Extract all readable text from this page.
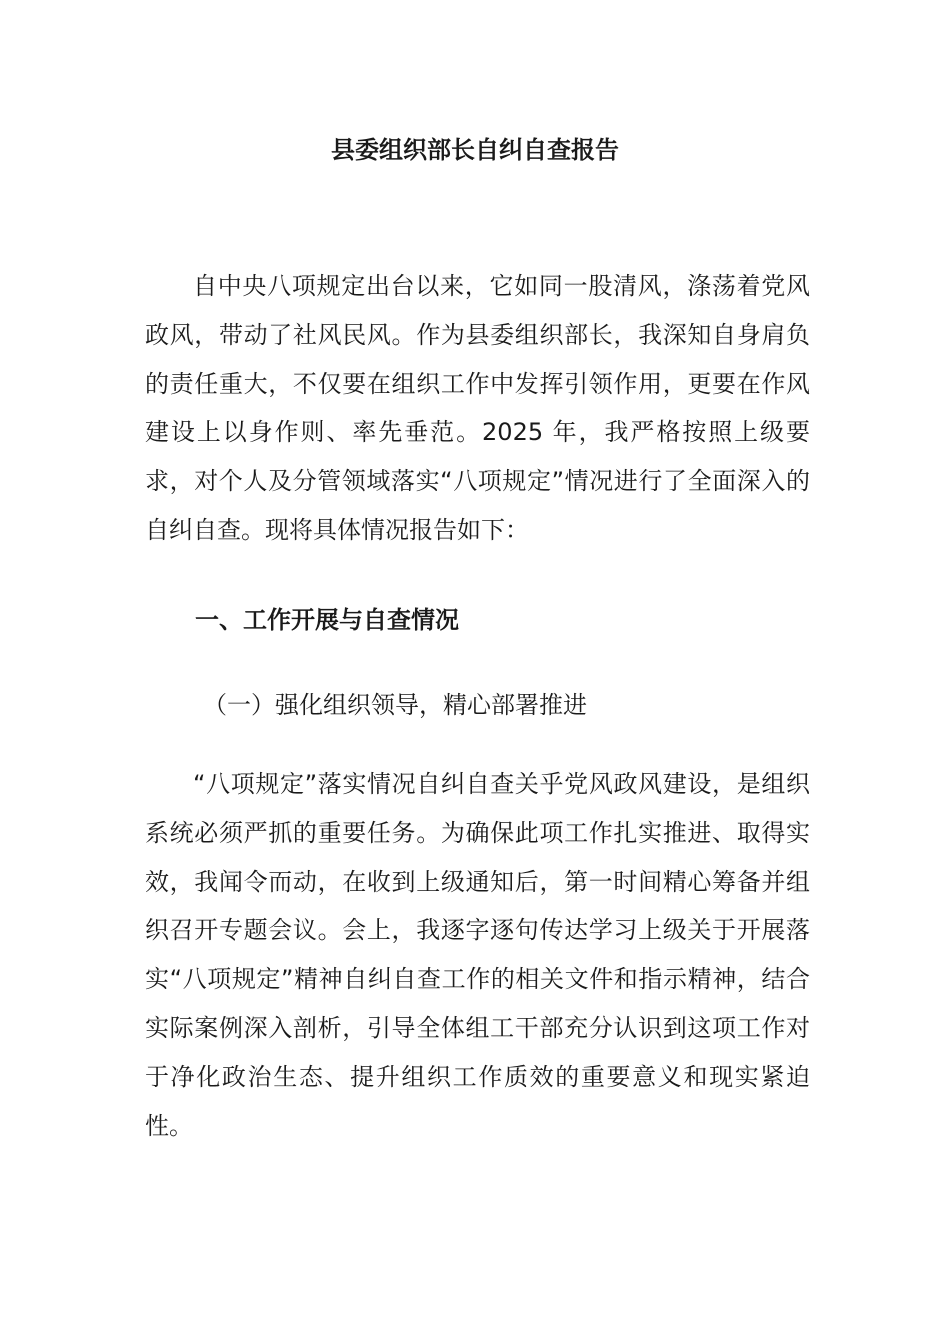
县委组织部长自纠自查报告

自中央八项规定出台以来，它如同一股清风，涤荡着党风政风，带动了社风民风。作为县委组织部长，我深知自身肩负的责任重大，不仅要在组织工作中发挥引领作用，更要在作风建设上以身作则、率先垂范。2025 年，我严格按照上级要求，对个人及分管领域落实“八项规定”情况进行了全面深入的自纠自查。现将具体情况报告如下：

一、工作开展与自查情况
（一）强化组织领导，精心部署推进

“八项规定”落实情况自纠自查关乎党风政风建设，是组织系统必须严抓的重要任务。为确保此项工作扎实推进、取得实效，我闻令而动，在收到上级通知后，第一时间精心筹备并组织召开专题会议。会上，我逐字逐句传达学习上级关于开展落实“八项规定”精神自纠自查工作的相关文件和指示精神，结合实际案例深入剖析，引导全体组工干部充分认识到这项工作对于净化政治生态、提升组织工作质效的重要意义和现实紧迫性。
